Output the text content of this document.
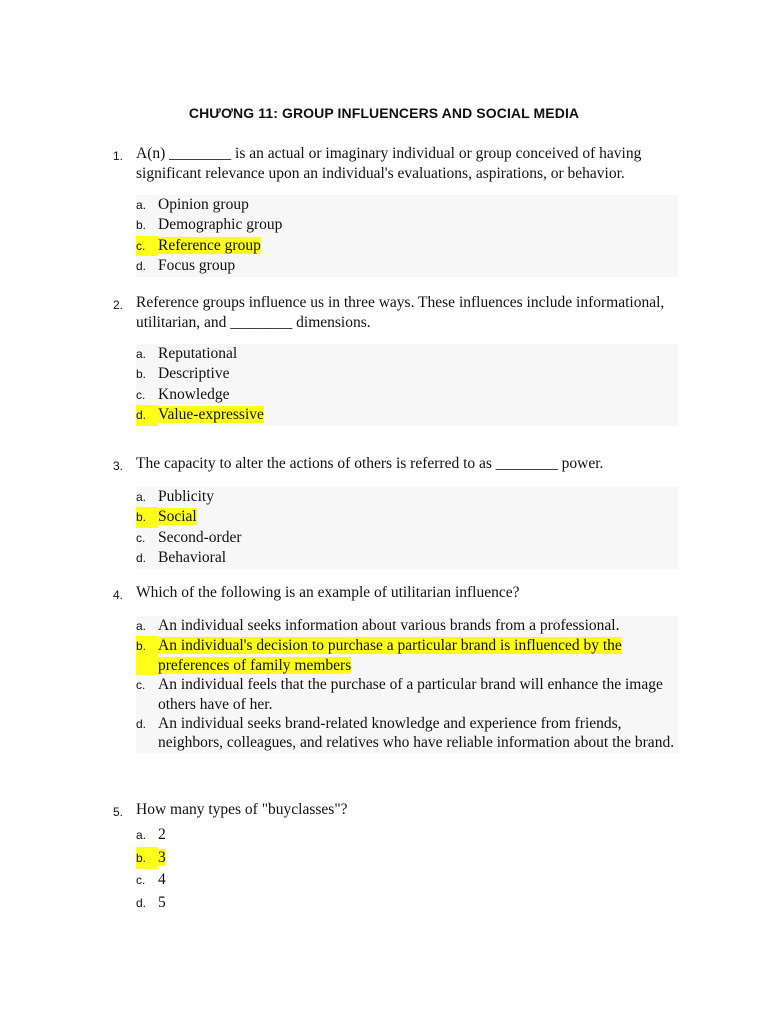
CHƯƠNG 11: GROUP INFLUENCERS AND SOCIAL MEDIA
1. A(n) ________ is an actual or imaginary individual or group conceived of having significant relevance upon an individual's evaluations, aspirations, or behavior.
a. Opinion group
b. Demographic group
c. Reference group
d. Focus group
2. Reference groups influence us in three ways. These influences include informational, utilitarian, and ________ dimensions.
a. Reputational
b. Descriptive
c. Knowledge
d. Value-expressive
3. The capacity to alter the actions of others is referred to as ________ power.
a. Publicity
b. Social
c. Second-order
d. Behavioral
4. Which of the following is an example of utilitarian influence?
a. An individual seeks information about various brands from a professional.
b. An individual's decision to purchase a particular brand is influenced by the preferences of family members
c. An individual feels that the purchase of a particular brand will enhance the image others have of her.
d. An individual seeks brand-related knowledge and experience from friends, neighbors, colleagues, and relatives who have reliable information about the brand.
5. How many types of "buyclasses"?
a. 2
b. 3
c. 4
d. 5
